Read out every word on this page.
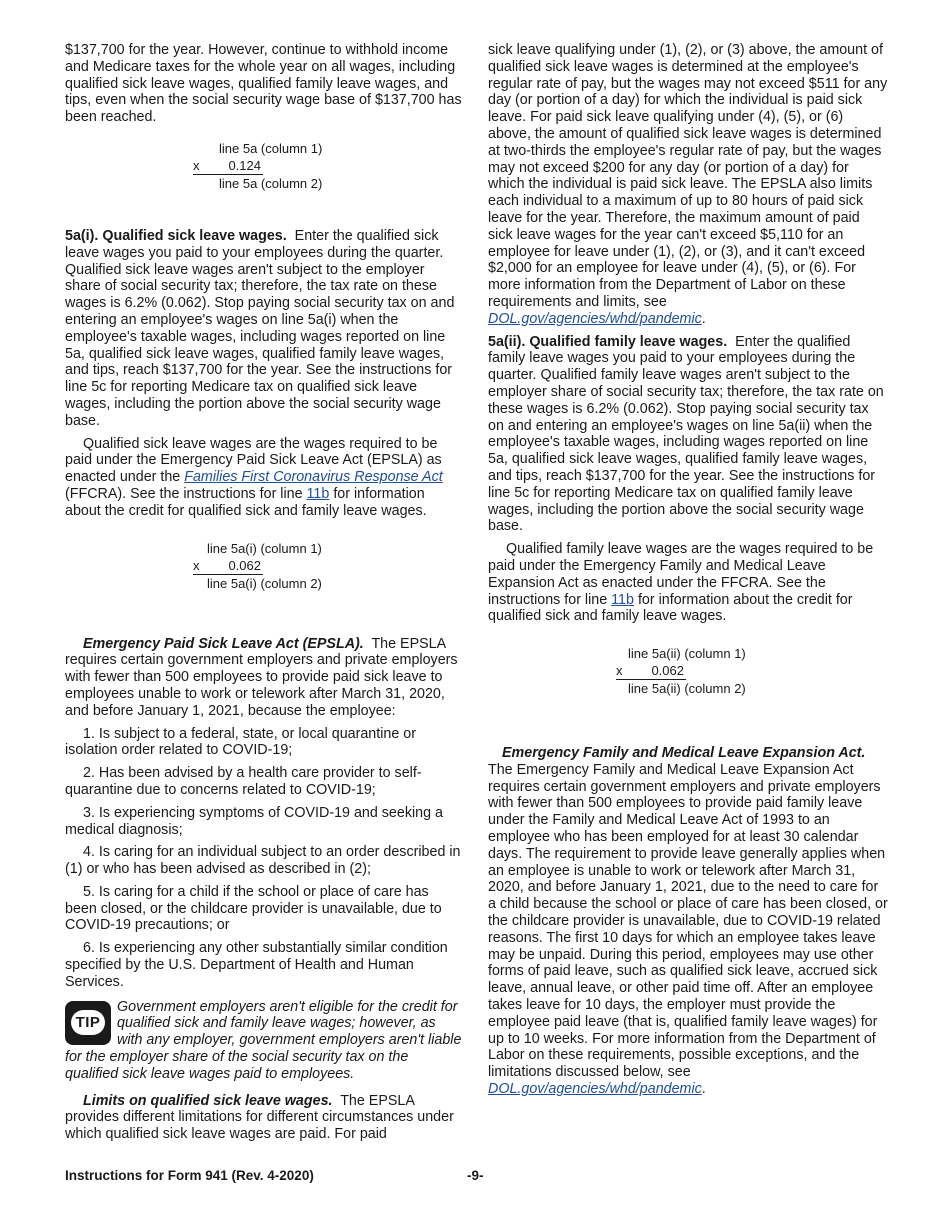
$137,700 for the year. However, continue to withhold income and Medicare taxes for the whole year on all wages, including qualified sick leave wages, qualified family leave wages, and tips, even when the social security wage base of $137,700 has been reached.

line 5a (column 1)
x	0.124
line 5a (column 2)

5a(i). Qualified sick leave wages. Enter the qualified sick leave wages you paid to your employees during the quarter. Qualified sick leave wages aren't subject to the employer share of social security tax; therefore, the tax rate on these wages is 6.2% (0.062). Stop paying social security tax on and entering an employee's wages on line 5a(i) when the employee's taxable wages, including wages reported on line 5a, qualified sick leave wages, qualified family leave wages, and tips, reach $137,700 for the year. See the instructions for line 5c for reporting Medicare tax on qualified sick leave wages, including the portion above the social security wage base.

Qualified sick leave wages are the wages required to be paid under the Emergency Paid Sick Leave Act (EPSLA) as enacted under the Families First Coronavirus Response Act (FFCRA). See the instructions for line 11b for information about the credit for qualified sick and family leave wages.

line 5a(i) (column 1)
x	0.062
line 5a(i) (column 2)

Emergency Paid Sick Leave Act (EPSLA). The EPSLA requires certain government employers and private employers with fewer than 500 employees to provide paid sick leave to employees unable to work or telework after March 31, 2020, and before January 1, 2021, because the employee:

1. Is subject to a federal, state, or local quarantine or isolation order related to COVID-19;

2. Has been advised by a health care provider to self-quarantine due to concerns related to COVID-19;

3. Is experiencing symptoms of COVID-19 and seeking a medical diagnosis;

4. Is caring for an individual subject to an order described in (1) or who has been advised as described in (2);

5. Is caring for a child if the school or place of care has been closed, or the childcare provider is unavailable, due to COVID-19 precautions; or

6. Is experiencing any other substantially similar condition specified by the U.S. Department of Health and Human Services.

TIP
Government employers aren't eligible for the credit for qualified sick and family leave wages; however, as with any employer, government employers aren't liable for the employer share of the social security tax on the qualified sick leave wages paid to employees.

Limits on qualified sick leave wages. The EPSLA provides different limitations for different circumstances under which qualified sick leave wages are paid. For paid

sick leave qualifying under (1), (2), or (3) above, the amount of qualified sick leave wages is determined at the employee's regular rate of pay, but the wages may not exceed $511 for any day (or portion of a day) for which the individual is paid sick leave. For paid sick leave qualifying under (4), (5), or (6) above, the amount of qualified sick leave wages is determined at two-thirds the employee's regular rate of pay, but the wages may not exceed $200 for any day (or portion of a day) for which the individual is paid sick leave. The EPSLA also limits each individual to a maximum of up to 80 hours of paid sick leave for the year. Therefore, the maximum amount of paid sick leave wages for the year can't exceed $5,110 for an employee for leave under (1), (2), or (3), and it can't exceed $2,000 for an employee for leave under (4), (5), or (6). For more information from the Department of Labor on these requirements and limits, see DOL.gov/agencies/whd/pandemic.

5a(ii). Qualified family leave wages. Enter the qualified family leave wages you paid to your employees during the quarter. Qualified family leave wages aren't subject to the employer share of social security tax; therefore, the tax rate on these wages is 6.2% (0.062). Stop paying social security tax on and entering an employee's wages on line 5a(ii) when the employee's taxable wages, including wages reported on line 5a, qualified sick leave wages, qualified family leave wages, and tips, reach $137,700 for the year. See the instructions for line 5c for reporting Medicare tax on qualified family leave wages, including the portion above the social security wage base.

Qualified family leave wages are the wages required to be paid under the Emergency Family and Medical Leave Expansion Act as enacted under the FFCRA. See the instructions for line 11b for information about the credit for qualified sick and family leave wages.

line 5a(ii) (column 1)
x	0.062
line 5a(ii) (column 2)

Emergency Family and Medical Leave Expansion Act. The Emergency Family and Medical Leave Expansion Act requires certain government employers and private employers with fewer than 500 employees to provide paid family leave under the Family and Medical Leave Act of 1993 to an employee who has been employed for at least 30 calendar days. The requirement to provide leave generally applies when an employee is unable to work or telework after March 31, 2020, and before January 1, 2021, due to the need to care for a child because the school or place of care has been closed, or the childcare provider is unavailable, due to COVID-19 related reasons. The first 10 days for which an employee takes leave may be unpaid. During this period, employees may use other forms of paid leave, such as qualified sick leave, accrued sick leave, annual leave, or other paid time off. After an employee takes leave for 10 days, the employer must provide the employee paid leave (that is, qualified family leave wages) for up to 10 weeks. For more information from the Department of Labor on these requirements, possible exceptions, and the limitations discussed below, see DOL.gov/agencies/whd/pandemic.

Instructions for Form 941 (Rev. 4-2020)	-9-
